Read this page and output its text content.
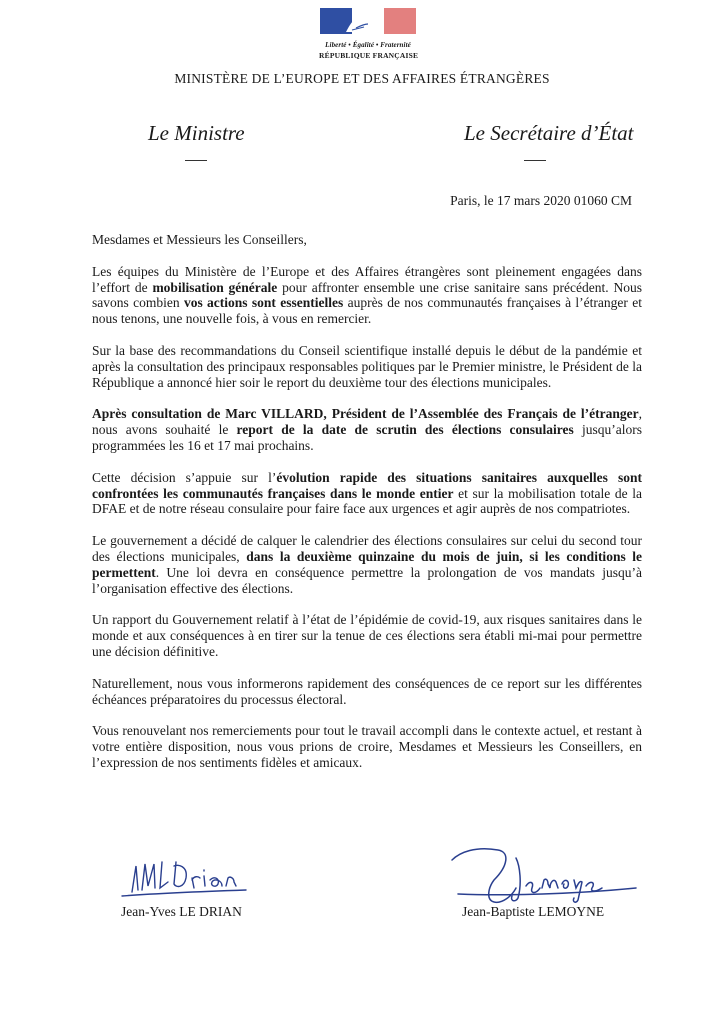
Liberté • Égalité • Fraternité
RÉPUBLIQUE FRANÇAISE
MINISTÈRE DE L’EUROPE ET DES AFFAIRES ÉTRANGÈRES
Le Ministre	Le Secrétaire d’État
Paris, le 17 mars 2020 01060 CM

Mesdames et Messieurs les Conseillers,

Les équipes du Ministère de l’Europe et des Affaires étrangères sont pleinement engagées dans l’effort de mobilisation générale pour affronter ensemble une crise sanitaire sans précédent. Nous savons combien vos actions sont essentielles auprès de nos communautés françaises à l’étranger et nous tenons, une nouvelle fois, à vous en remercier.

Sur la base des recommandations du Conseil scientifique installé depuis le début de la pandémie et après la consultation des principaux responsables politiques par le Premier ministre, le Président de la République a annoncé hier soir le report du deuxième tour des élections municipales.

Après consultation de Marc VILLARD, Président de l’Assemblée des Français de l’étranger, nous avons souhaité le report de la date de scrutin des élections consulaires jusqu’alors programmées les 16 et 17 mai prochains.

Cette décision s’appuie sur l’évolution rapide des situations sanitaires auxquelles sont confrontées les communautés françaises dans le monde entier et sur la mobilisation totale de la DFAE et de notre réseau consulaire pour faire face aux urgences et agir auprès de nos compatriotes.

Le gouvernement a décidé de calquer le calendrier des élections consulaires sur celui du second tour des élections municipales, dans la deuxième quinzaine du mois de juin, si les conditions le permettent. Une loi devra en conséquence permettre la prolongation de vos mandats jusqu’à l’organisation effective des élections.

Un rapport du Gouvernement relatif à l’état de l’épidémie de covid-19, aux risques sanitaires dans le monde et aux conséquences à en tirer sur la tenue de ces élections sera établi mi-mai pour permettre une décision définitive.

Naturellement, nous vous informerons rapidement des conséquences de ce report sur les différentes échéances préparatoires du processus électoral.

Vous renouvelant nos remerciements pour tout le travail accompli dans le contexte actuel, et restant à votre entière disposition, nous vous prions de croire, Mesdames et Messieurs les Conseillers, en l’expression de nos sentiments fidèles et amicaux.

Jean-Yves LE DRIAN	Jean-Baptiste LEMOYNE
